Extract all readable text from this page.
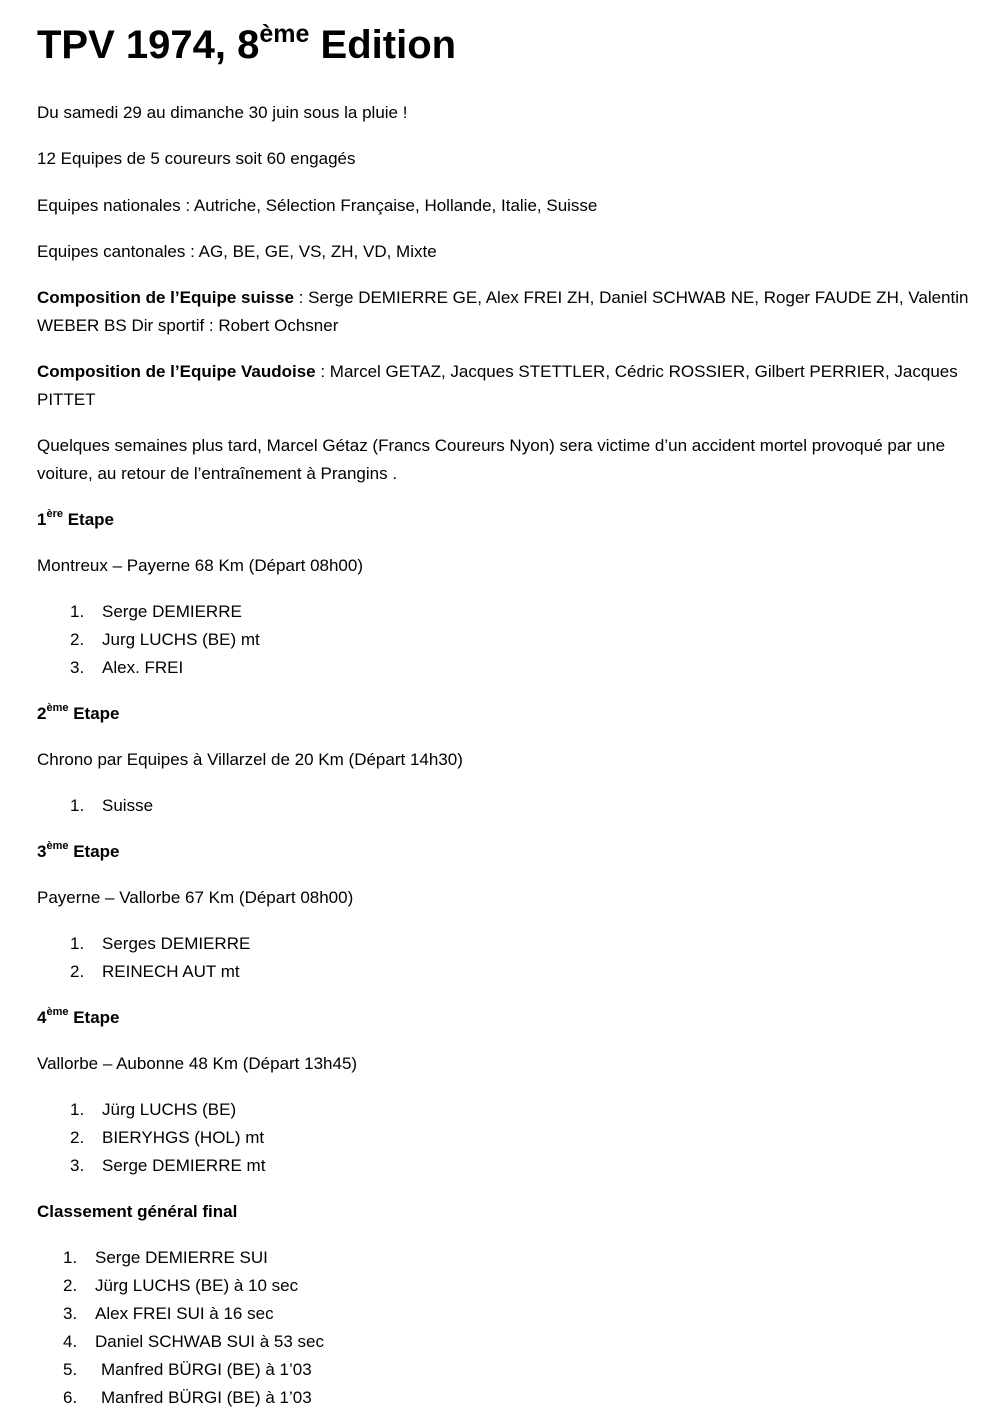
TPV 1974, 8ème Edition

Du samedi 29 au dimanche 30 juin sous la pluie !

12 Equipes de 5 coureurs soit 60 engagés

Equipes nationales : Autriche, Sélection Française, Hollande, Italie, Suisse

Equipes cantonales : AG, BE, GE, VS, ZH, VD, Mixte

Composition de l’Equipe suisse : Serge DEMIERRE GE, Alex FREI ZH, Daniel SCHWAB NE, Roger FAUDE ZH, Valentin WEBER BS Dir sportif : Robert Ochsner

Composition de l’Equipe Vaudoise : Marcel GETAZ, Jacques STETTLER, Cédric ROSSIER, Gilbert PERRIER, Jacques PITTET

Quelques semaines plus tard, Marcel Gétaz (Francs Coureurs Nyon) sera victime d’un accident mortel provoqué par une voiture, au retour de l’entraînement à Prangins .

1ère Etape

Montreux – Payerne 68 Km (Départ 08h00)

1. Serge DEMIERRE
2. Jurg LUCHS (BE) mt
3. Alex. FREI
2ème Etape

Chrono par Equipes à Villarzel de 20 Km (Départ 14h30)

1. Suisse
3ème Etape

Payerne – Vallorbe 67 Km (Départ 08h00)

1. Serges DEMIERRE
2. REINECH AUT mt
4ème Etape

Vallorbe – Aubonne 48 Km (Départ 13h45)

1. Jürg LUCHS (BE)
2. BIERYHGS (HOL) mt
3. Serge DEMIERRE mt
Classement général final
1. Serge DEMIERRE SUI
2. Jürg LUCHS (BE) à 10 sec
3. Alex FREI SUI à 16 sec
4. Daniel SCHWAB SUI à 53 sec
5. Manfred BÜRGI (BE) à 1’03
6. Manfred BÜRGI (BE) à 1’03
